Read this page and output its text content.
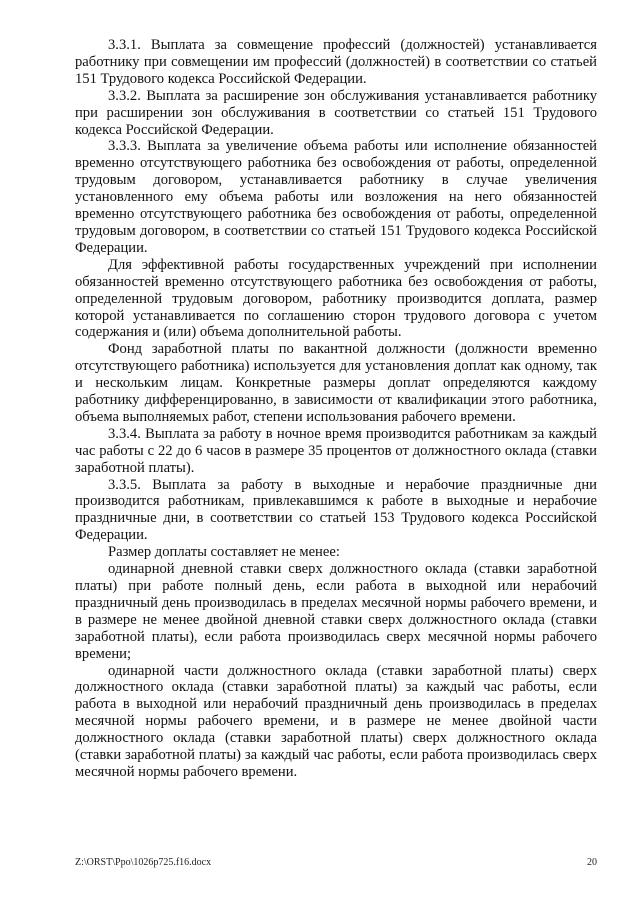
3.3.1. Выплата за совмещение профессий (должностей) устанавливается работнику при совмещении им профессий (должностей) в соответствии со статьей 151 Трудового кодекса Российской Федерации.

3.3.2. Выплата за расширение зон обслуживания устанавливается работнику при расширении зон обслуживания в соответствии со статьей 151 Трудового кодекса Российской Федерации.

3.3.3. Выплата за увеличение объема работы или исполнение обязанностей временно отсутствующего работника без освобождения от работы, определенной трудовым договором, устанавливается работнику в случае увеличения установленного ему объема работы или возложения на него обязанностей временно отсутствующего работника без освобождения от работы, определенной трудовым договором, в соответствии со статьей 151 Трудового кодекса Российской Федерации.

Для эффективной работы государственных учреждений при исполнении обязанностей временно отсутствующего работника без освобождения от работы, определенной трудовым договором, работнику производится доплата, размер которой устанавливается по соглашению сторон трудового договора с учетом содержания и (или) объема дополнительной работы.

Фонд заработной платы по вакантной должности (должности временно отсутствующего работника) используется для установления доплат как одному, так и нескольким лицам. Конкретные размеры доплат определяются каждому работнику дифференцированно, в зависимости от квалификации этого работника, объема выполняемых работ, степени использования рабочего времени.

3.3.4. Выплата за работу в ночное время производится работникам за каждый час работы с 22 до 6 часов в размере 35 процентов от должностного оклада (ставки заработной платы).

3.3.5. Выплата за работу в выходные и нерабочие праздничные дни производится работникам, привлекавшимся к работе в выходные и нерабочие праздничные дни, в соответствии со статьей 153 Трудового кодекса Российской Федерации.

Размер доплаты составляет не менее:

одинарной дневной ставки сверх должностного оклада (ставки заработной платы) при работе полный день, если работа в выходной или нерабочий праздничный день производилась в пределах месячной нормы рабочего времени, и в размере не менее двойной дневной ставки сверх должностного оклада (ставки заработной платы), если работа производилась сверх месячной нормы рабочего времени;

одинарной части должностного оклада (ставки заработной платы) сверх должностного оклада (ставки заработной платы) за каждый час работы, если работа в выходной или нерабочий праздничный день производилась в пределах месячной нормы рабочего времени, и в размере не менее двойной части должностного оклада (ставки заработной платы) сверх должностного оклада (ставки заработной платы) за каждый час работы, если работа производилась сверх месячной нормы рабочего времени.

Z:\ORST\Ppo\1026p725.f16.docx	20
